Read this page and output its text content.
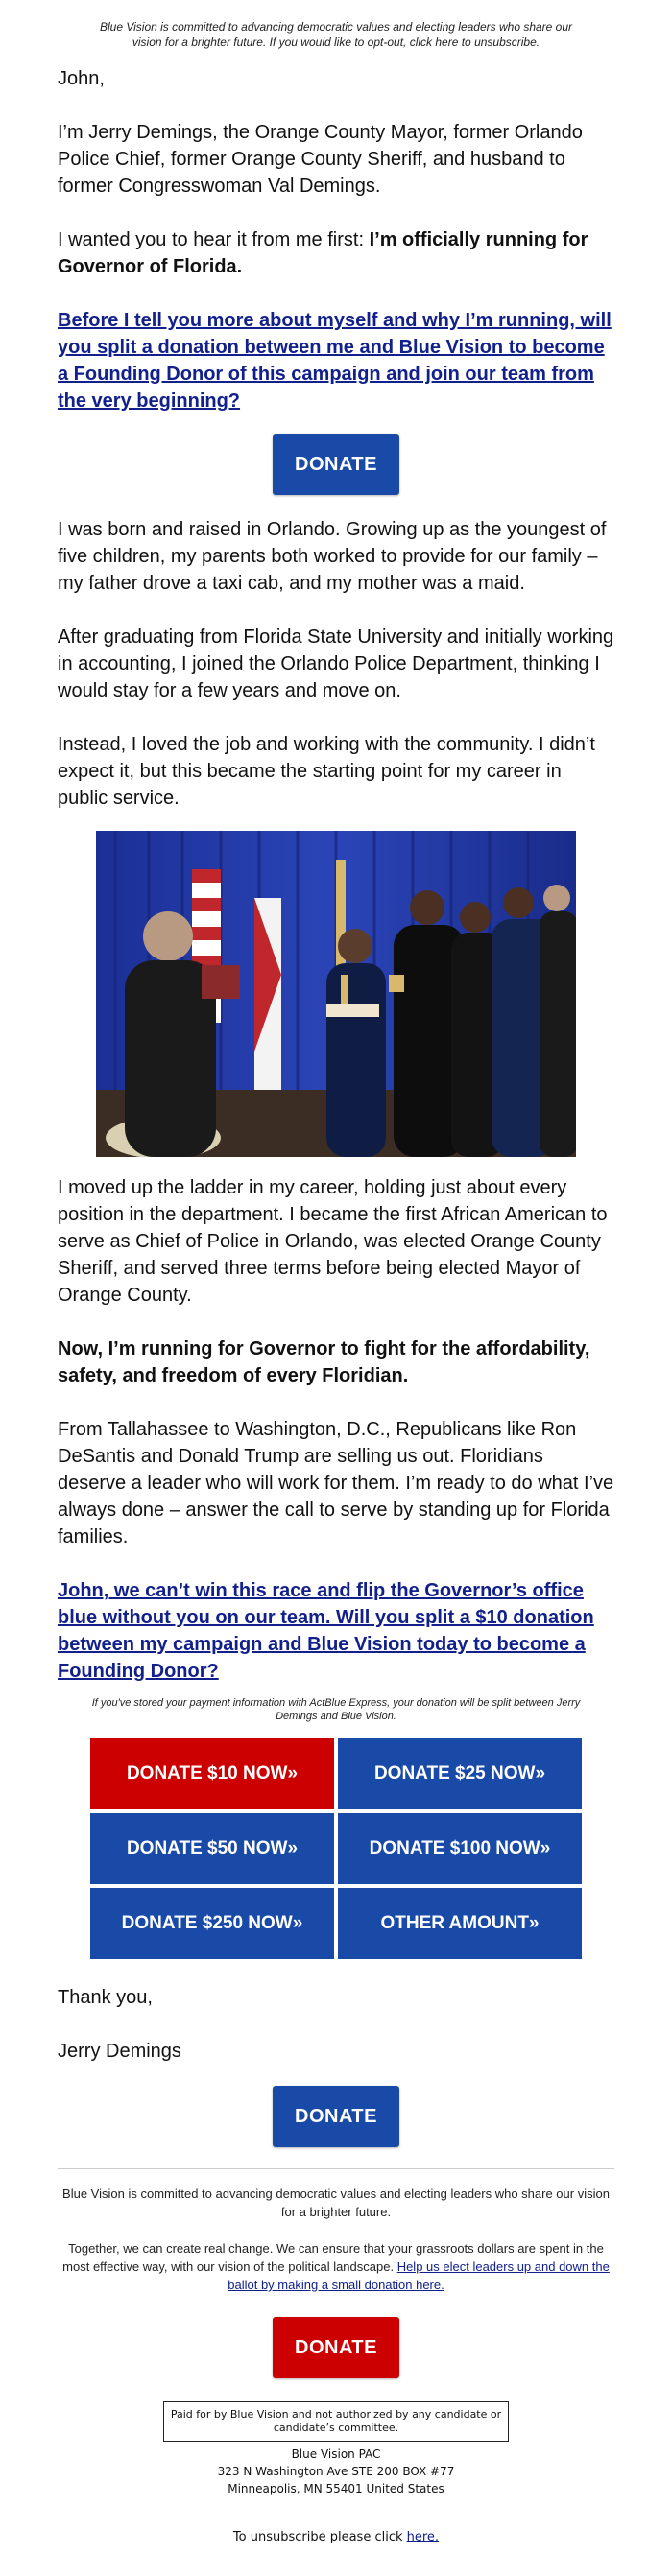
Blue Vision is committed to advancing democratic values and electing leaders who share our vision for a brighter future. If you would like to opt-out, click here to unsubscribe.

John,

I’m Jerry Demings, the Orange County Mayor, former Orlando Police Chief, former Orange County Sheriff, and husband to former Congresswoman Val Demings.

I wanted you to hear it from me first: I’m officially running for Governor of Florida.

Before I tell you more about myself and why I’m running, will you split a donation between me and Blue Vision to become a Founding Donor of this campaign and join our team from the very beginning?
DONATE

I was born and raised in Orlando. Growing up as the youngest of five children, my parents both worked to provide for our family – my father drove a taxi cab, and my mother was a maid.

After graduating from Florida State University and initially working in accounting, I joined the Orlando Police Department, thinking I would stay for a few years and move on.

Instead, I loved the job and working with the community. I didn’t expect it, but this became the starting point for my career in public service.

I moved up the ladder in my career, holding just about every position in the department. I became the first African American to serve as Chief of Police in Orlando, was elected Orange County Sheriff, and served three terms before being elected Mayor of Orange County.

Now, I’m running for Governor to fight for the affordability, safety, and freedom of every Floridian.

From Tallahassee to Washington, D.C., Republicans like Ron DeSantis and Donald Trump are selling us out. Floridians deserve a leader who will work for them. I’m ready to do what I’ve always done – answer the call to serve by standing up for Florida families.

John, we can’t win this race and flip the Governor’s office blue without you on our team. Will you split a $10 donation between my campaign and Blue Vision today to become a Founding Donor?

If you've stored your payment information with ActBlue Express, your donation will be split between Jerry Demings and Blue Vision.

DONATE $10 NOW»	DONATE $25 NOW»
DONATE $50 NOW»	DONATE $100 NOW»
DONATE $250 NOW»	OTHER AMOUNT»

Thank you,

Jerry Demings

DONATE

Blue Vision is committed to advancing democratic values and electing leaders who share our vision for a brighter future.

Together, we can create real change. We can ensure that your grassroots dollars are spent in the most effective way, with our vision of the political landscape. Help us elect leaders up and down the ballot by making a small donation here.

DONATE
Paid for by Blue Vision and not authorized by any candidate or candidate’s committee.

Blue Vision PAC

323 N Washington Ave STE 200 BOX #77

Minneapolis, MN 55401 United States

To unsubscribe please click here.
